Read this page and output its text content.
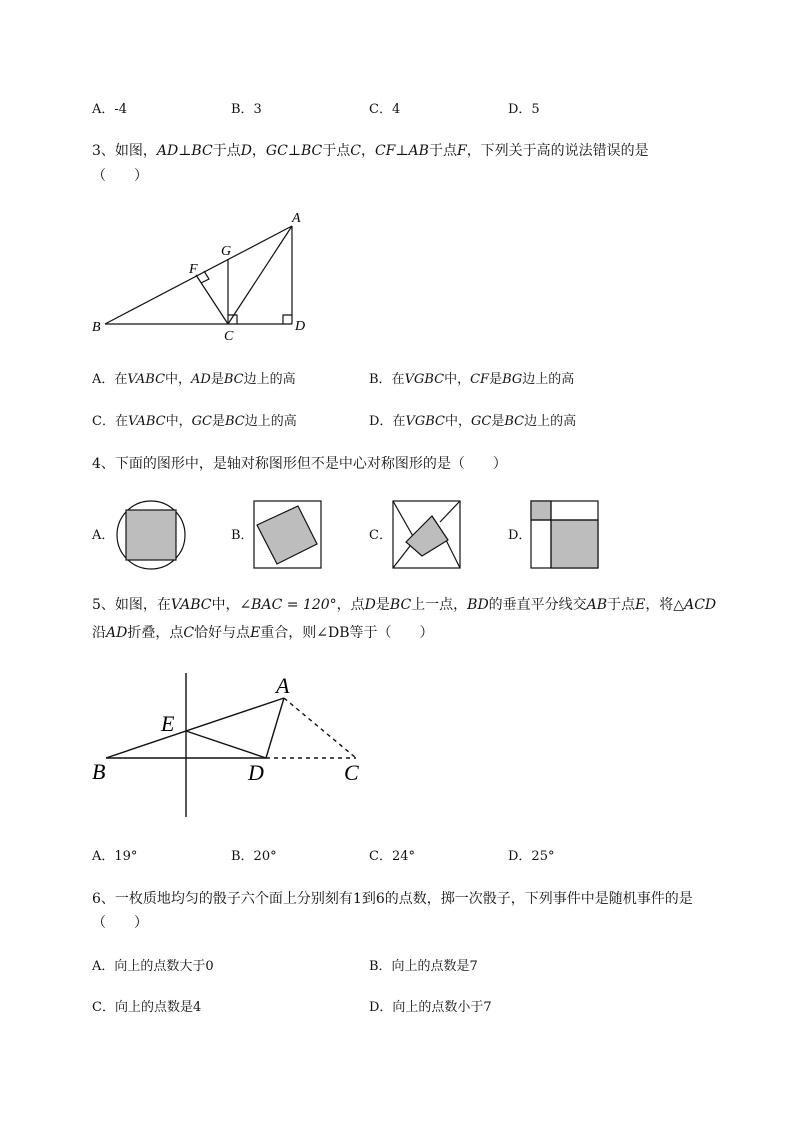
A．-4	B．3	C．4	D．5
3、如图，AD⊥BC于点D，GC⊥BC于点C，CF⊥AB于点F，下列关于高的说法错误的是
（　　）
A
G
F
B
C
D
A．在VABC中，AD是BC边上的高	B．在VGBC中，CF是BG边上的高
C．在VABC中，GC是BC边上的高	D．在VGBC中，GC是BC边上的高
4、下面的图形中，是轴对称图形但不是中心对称图形的是（　　）
A．	B．	C．	D．
5、如图，在VABC中，∠BAC = 120°，点D是BC上一点，BD的垂直平分线交AB于点E，将△ACD
沿AD折叠，点C恰好与点E重合，则∠DB等于（　　）
A
E
B	D	C
A．19°	B．20°	C．24°	D．25°
6、一枚质地均匀的骰子六个面上分别刻有1到6的点数，掷一次骰子，下列事件中是随机事件的是
（　　）
A．向上的点数大于0	B．向上的点数是7
C．向上的点数是4	D．向上的点数小于7
